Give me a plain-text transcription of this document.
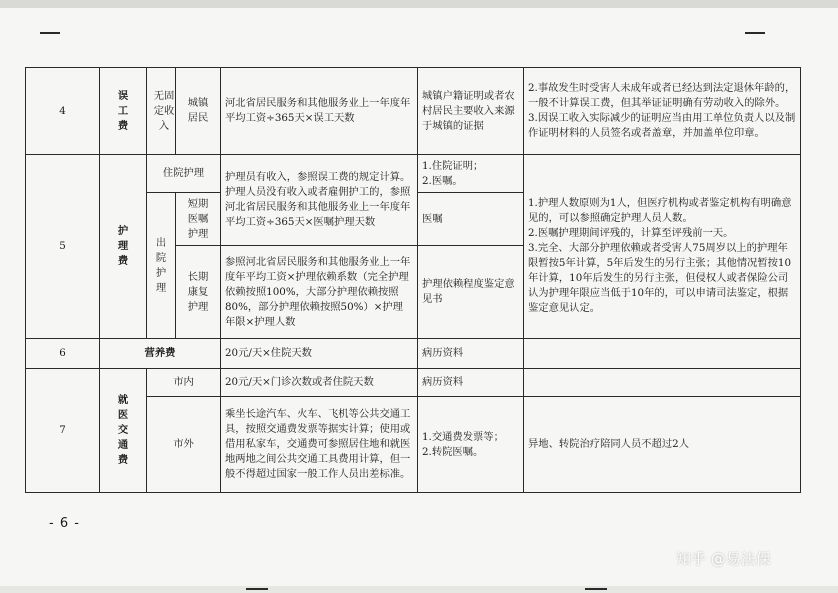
4	误工费	无固定收入	城镇居民	河北省居民服务和其他服务业上一年度年平均工资÷365天×误工天数	城镇户籍证明或者农村居民主要收入来源于城镇的证据	2.事故发生时受害人未成年或者已经达到法定退休年龄的，一般不计算误工费，但其举证证明确有劳动收入的除外。
3.因误工收入实际减少的证明应当由用工单位负责人以及制作证明材料的人员签名或者盖章，并加盖单位印章。
5	护理费	住院护理		护理员有收入，参照误工费的规定计算。护理人员没有收入或者雇佣护工的，参照河北省居民服务和其他服务业上一年度年平均工资÷365天×医嘱护理天数	1.住院证明；
2.医嘱。	1.护理人数原则为1人，但医疗机构或者鉴定机构有明确意见的，可以参照确定护理人员人数。
2.医嘱护理期间评残的，计算至评残前一天。
3.完全、大部分护理依赖或者受害人75周岁以上的护理年限暂按5年计算，5年后发生的另行主张；其他情况暂按10年计算，10年后发生的另行主张，但侵权人或者保险公司认为护理年限应当低于10年的，可以申请司法鉴定，根据鉴定意见认定。
		出院护理	短期医嘱护理		医嘱	
			长期康复护理	参照河北省居民服务和其他服务业上一年度年平均工资×护理依赖系数（完全护理依赖按照100%，大部分护理依赖按照80%，部分护理依赖按照50%）×护理年限×护理人数	护理依赖程度鉴定意见书	
6	营养费			20元/天×住院天数	病历资料	
7	就医交通费	市内		20元/天×门诊次数或者住院天数	病历资料	
		市外		乘坐长途汽车、火车、飞机等公共交通工具，按照交通费发票等据实计算；使用或借用私家车，交通费可参照居住地和就医地两地之间公共交通工具费用计算，但一般不得超过国家一般工作人员出差标准。	1.交通费发票等；
2.转院医嘱。	异地、转院治疗陪同人员不超过2人
- 6 -
知乎 @易法保
